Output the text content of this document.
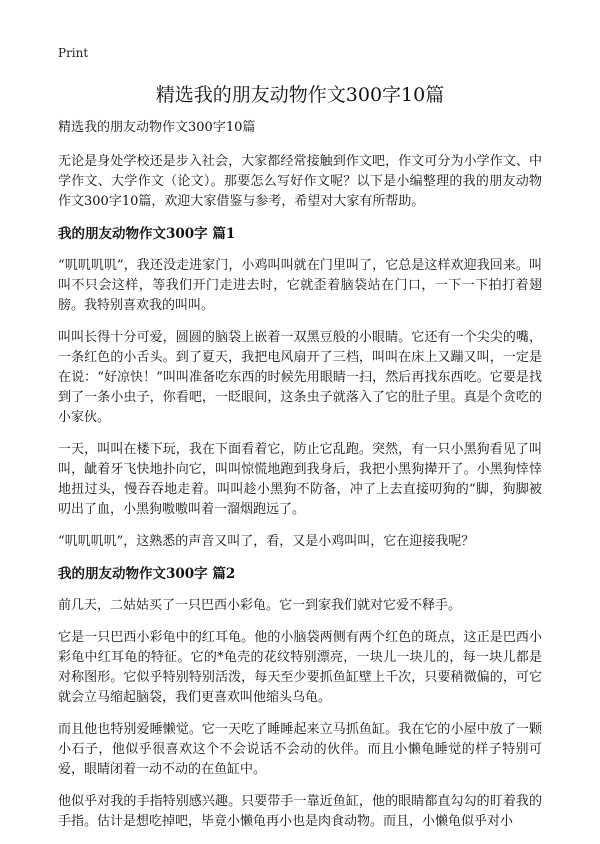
Print
精选我的朋友动物作文300字10篇

精选我的朋友动物作文300字10篇

无论是身处学校还是步入社会，大家都经常接触到作文吧，作文可分为小学作文、中学作文、大学作文（论文）。那要怎么写好作文呢？以下是小编整理的我的朋友动物作文300字10篇，欢迎大家借鉴与参考，希望对大家有所帮助。

我的朋友动物作文300字 篇1

“叽叽叽叽”，我还没走进家门，小鸡叫叫就在门里叫了，它总是这样欢迎我回来。叫叫不只会这样，等我们开门走进去时，它就歪着脑袋站在门口，一下一下拍打着翅膀。我特别喜欢我的叫叫。

叫叫长得十分可爱，圆圆的脑袋上嵌着一双黑豆般的小眼睛。它还有一个尖尖的嘴，一条红色的小舌头。到了夏天，我把电风扇开了三档，叫叫在床上又蹦又叫，一定是在说：“好凉快！”叫叫准备吃东西的时候先用眼睛一扫，然后再找东西吃。它要是找到了一条小虫子，你看吧，一眨眼间，这条虫子就落入了它的肚子里。真是个贪吃的小家伙。

一天，叫叫在楼下玩，我在下面看着它，防止它乱跑。突然，有一只小黑狗看见了叫叫，龇着牙飞快地扑向它，叫叫惊慌地跑到我身后，我把小黑狗撵开了。小黑狗悻悻地扭过头，慢吞吞地走着。叫叫趁小黑狗不防备，冲了上去直接叨狗的“脚，狗脚被叨出了血，小黑狗嗷嗷叫着一溜烟跑远了。

“叽叽叽叽”，这熟悉的声音又叫了，看，又是小鸡叫叫，它在迎接我呢？

我的朋友动物作文300字 篇2

前几天，二姑姑买了一只巴西小彩龟。它一到家我们就对它爱不释手。

它是一只巴西小彩龟中的红耳龟。他的小脑袋两侧有两个红色的斑点，这正是巴西小彩龟中红耳龟的特征。它的*龟壳的花纹特别漂亮，一块儿一块儿的，每一块儿都是对称图形。它似乎特别特别活泼，每天至少要抓鱼缸壁上千次，只要稍微偏的，可它就会立马缩起脑袋，我们更喜欢叫他缩头乌龟。

而且他也特别爱睡懒觉。它一天吃了睡睡起来立马抓鱼缸。我在它的小屋中放了一颗小石子，他似乎很喜欢这个不会说话不会动的伙伴。而且小懒龟睡觉的样子特别可爱，眼睛闭着一动不动的在鱼缸中。

他似乎对我的手指特别感兴趣。只要带手一靠近鱼缸，他的眼睛都直勾勾的盯着我的手指。估计是想吃掉吧，毕竟小懒龟再小也是肉食动物。而且，小懒龟似乎对小
